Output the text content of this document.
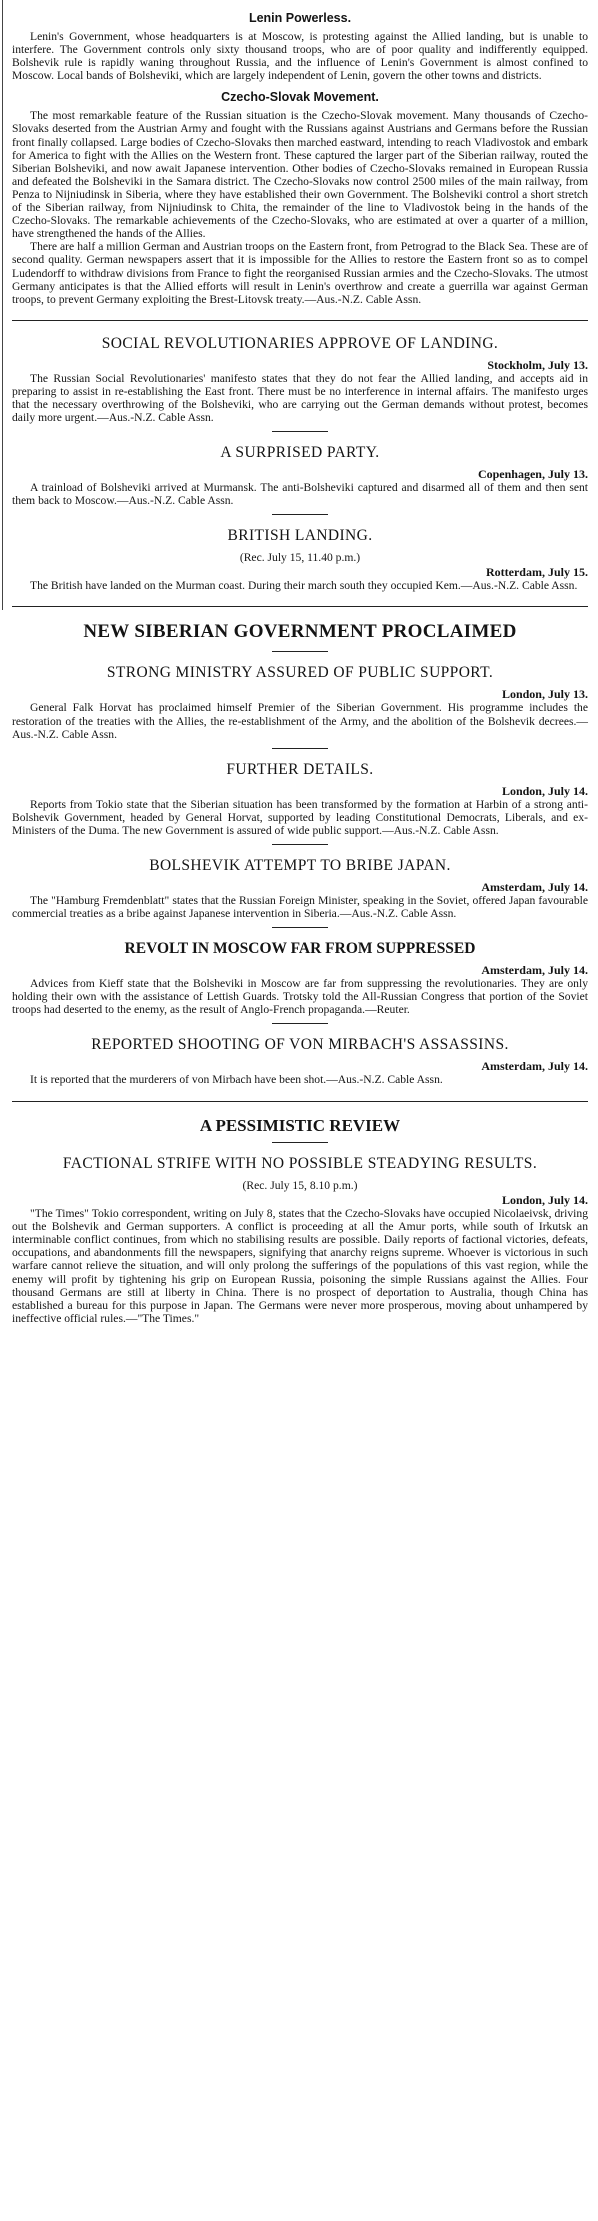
Lenin Powerless.

Lenin's Government, whose headquarters is at Moscow, is protesting against the Allied landing, but is unable to interfere. The Government controls only sixty thousand troops, who are of poor quality and indifferently equipped. Bolshevik rule is rapidly waning throughout Russia, and the influence of Lenin's Government is almost confined to Moscow. Local bands of Bolsheviki, which are largely independent of Lenin, govern the other towns and districts.

Czecho-Slovak Movement.

The most remarkable feature of the Russian situation is the Czecho-Slovak movement. Many thousands of Czecho-Slovaks deserted from the Austrian Army and fought with the Russians against Austrians and Germans before the Russian front finally collapsed. Large bodies of Czecho-Slovaks then marched eastward, intending to reach Vladivostok and embark for America to fight with the Allies on the Western front. These captured the larger part of the Siberian railway, routed the Siberian Bolsheviki, and now await Japanese intervention. Other bodies of Czecho-Slovaks remained in European Russia and defeated the Bolsheviki in the Samara district. The Czecho-Slovaks now control 2500 miles of the main railway, from Penza to Nijniudinsk in Siberia, where they have established their own Government. The Bolsheviki control a short stretch of the Siberian railway, from Nijniudinsk to Chita, the remainder of the line to Vladivostok being in the hands of the Czecho-Slovaks. The remarkable achievements of the Czecho-Slovaks, who are estimated at over a quarter of a million, have strengthened the hands of the Allies.

There are half a million German and Austrian troops on the Eastern front, from Petrograd to the Black Sea. These are of second quality. German newspapers assert that it is impossible for the Allies to restore the Eastern front so as to compel Ludendorff to withdraw divisions from France to fight the reorganised Russian armies and the Czecho-Slovaks. The utmost Germany anticipates is that the Allied efforts will result in Lenin's overthrow and create a guerrilla war against German troops, to prevent Germany exploiting the Brest-Litovsk treaty.—Aus.-N.Z. Cable Assn.

SOCIAL REVOLUTIONARIES APPROVE OF LANDING.
Stockholm, July 13.

The Russian Social Revolutionaries' manifesto states that they do not fear the Allied landing, and accepts aid in preparing to assist in re-establishing the East front. There must be no interference in internal affairs. The manifesto urges that the necessary overthrowing of the Bolsheviki, who are carrying out the German demands without protest, becomes daily more urgent.—Aus.-N.Z. Cable Assn.

A SURPRISED PARTY.
Copenhagen, July 13.

A trainload of Bolsheviki arrived at Murmansk. The anti-Bolsheviki captured and disarmed all of them and then sent them back to Moscow.—Aus.-N.Z. Cable Assn.

BRITISH LANDING.
(Rec. July 15, 11.40 p.m.)
Rotterdam, July 15.

The British have landed on the Murman coast. During their march south they occupied Kem.—Aus.-N.Z. Cable Assn.

NEW SIBERIAN GOVERNMENT PROCLAIMED
STRONG MINISTRY ASSURED OF PUBLIC SUPPORT.
London, July 13.

General Falk Horvat has proclaimed himself Premier of the Siberian Government. His programme includes the restoration of the treaties with the Allies, the re-establishment of the Army, and the abolition of the Bolshevik decrees.—Aus.-N.Z. Cable Assn.

FURTHER DETAILS.
London, July 14.

Reports from Tokio state that the Siberian situation has been transformed by the formation at Harbin of a strong anti-Bolshevik Government, headed by General Horvat, supported by leading Constitutional Democrats, Liberals, and ex-Ministers of the Duma. The new Government is assured of wide public support.—Aus.-N.Z. Cable Assn.

BOLSHEVIK ATTEMPT TO BRIBE JAPAN.
Amsterdam, July 14.

The "Hamburg Fremdenblatt" states that the Russian Foreign Minister, speaking in the Soviet, offered Japan favourable commercial treaties as a bribe against Japanese intervention in Siberia.—Aus.-N.Z. Cable Assn.

REVOLT IN MOSCOW FAR FROM SUPPRESSED
Amsterdam, July 14.

Advices from Kieff state that the Bolsheviki in Moscow are far from suppressing the revolutionaries. They are only holding their own with the assistance of Lettish Guards. Trotsky told the All-Russian Congress that portion of the Soviet troops had deserted to the enemy, as the result of Anglo-French propaganda.—Reuter.

REPORTED SHOOTING OF VON MIRBACH'S ASSASSINS.
Amsterdam, July 14.

It is reported that the murderers of von Mirbach have been shot.—Aus.-N.Z. Cable Assn.

A PESSIMISTIC REVIEW
FACTIONAL STRIFE WITH NO POSSIBLE STEADYING RESULTS.
(Rec. July 15, 8.10 p.m.)
London, July 14.

"The Times" Tokio correspondent, writing on July 8, states that the Czecho-Slovaks have occupied Nicolaeivsk, driving out the Bolshevik and German supporters. A conflict is proceeding at all the Amur ports, while south of Irkutsk an interminable conflict continues, from which no stabilising results are possible. Daily reports of factional victories, defeats, occupations, and abandonments fill the newspapers, signifying that anarchy reigns supreme. Whoever is victorious in such warfare cannot relieve the situation, and will only prolong the sufferings of the populations of this vast region, while the enemy will profit by tightening his grip on European Russia, poisoning the simple Russians against the Allies. Four thousand Germans are still at liberty in China. There is no prospect of deportation to Australia, though China has established a bureau for this purpose in Japan. The Germans were never more prosperous, moving about unhampered by ineffective official rules.—"The Times."
